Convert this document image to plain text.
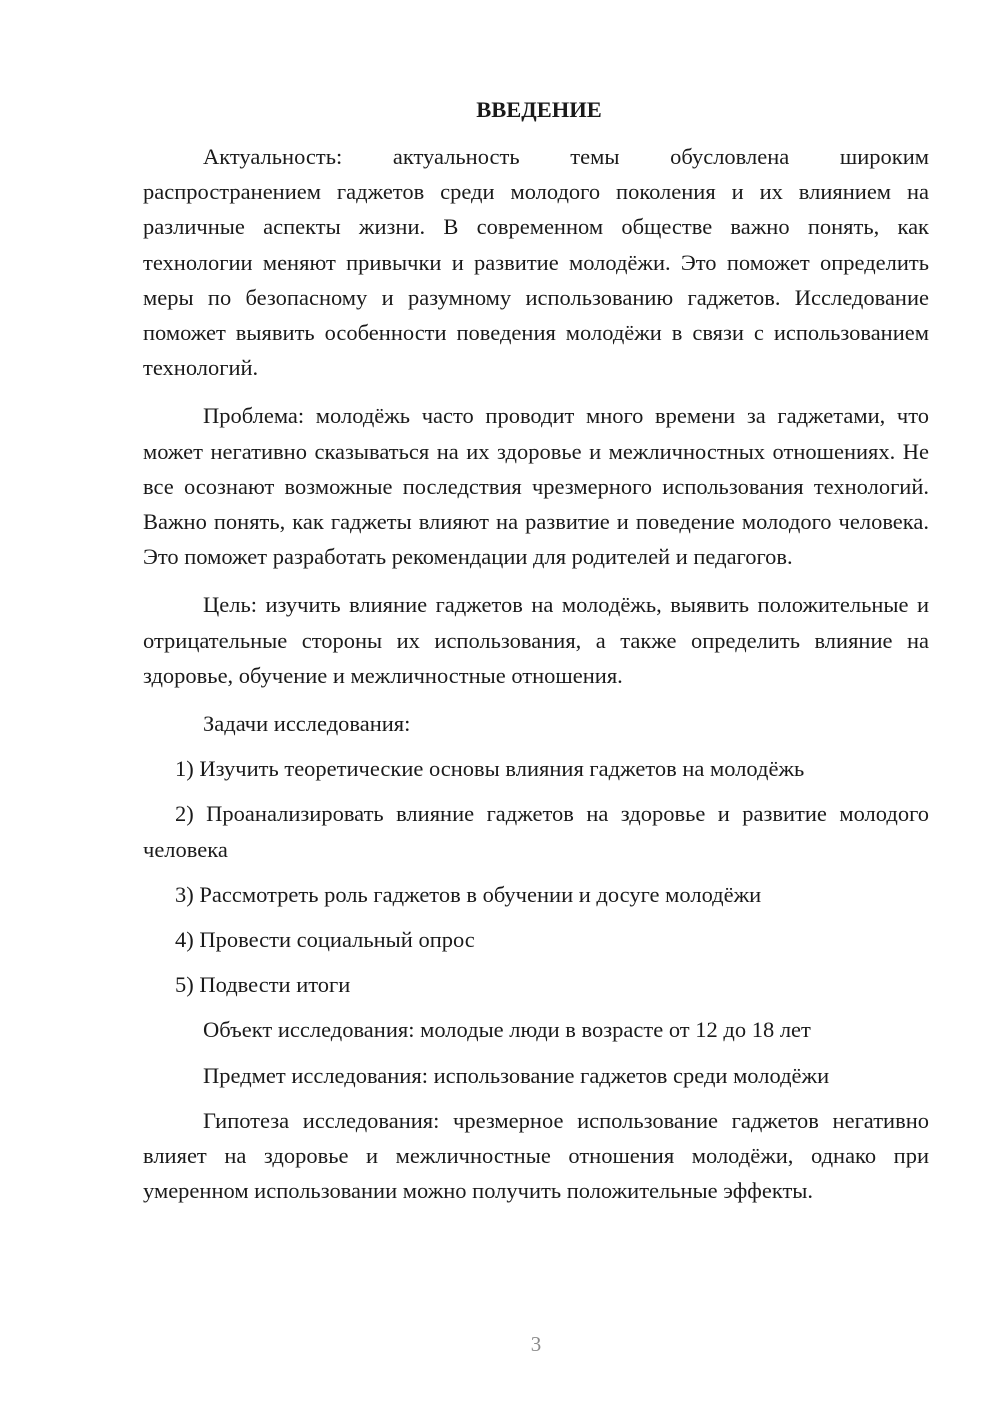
ВВЕДЕНИЕ

Актуальность: актуальность темы обусловлена широким распространением гаджетов среди молодого поколения и их влиянием на различные аспекты жизни. В современном обществе важно понять, как технологии меняют привычки и развитие молодёжи. Это поможет определить меры по безопасному и разумному использованию гаджетов. Исследование поможет выявить особенности поведения молодёжи в связи с использованием технологий.

Проблема: молодёжь часто проводит много времени за гаджетами, что может негативно сказываться на их здоровье и межличностных отношениях. Не все осознают возможные последствия чрезмерного использования технологий. Важно понять, как гаджеты влияют на развитие и поведение молодого человека. Это поможет разработать рекомендации для родителей и педагогов.

Цель: изучить влияние гаджетов на молодёжь, выявить положительные и отрицательные стороны их использования, а также определить влияние на здоровье, обучение и межличностные отношения.

Задачи исследования:

1) Изучить теоретические основы влияния гаджетов на молодёжь

2) Проанализировать влияние гаджетов на здоровье и развитие молодого человека

3) Рассмотреть роль гаджетов в обучении и досуге молодёжи

4) Провести социальный опрос

5) Подвести итоги

Объект исследования: молодые люди в возрасте от 12 до 18 лет

Предмет исследования: использование гаджетов среди молодёжи

Гипотеза исследования: чрезмерное использование гаджетов негативно влияет на здоровье и межличностные отношения молодёжи, однако при умеренном использовании можно получить положительные эффекты.

3
